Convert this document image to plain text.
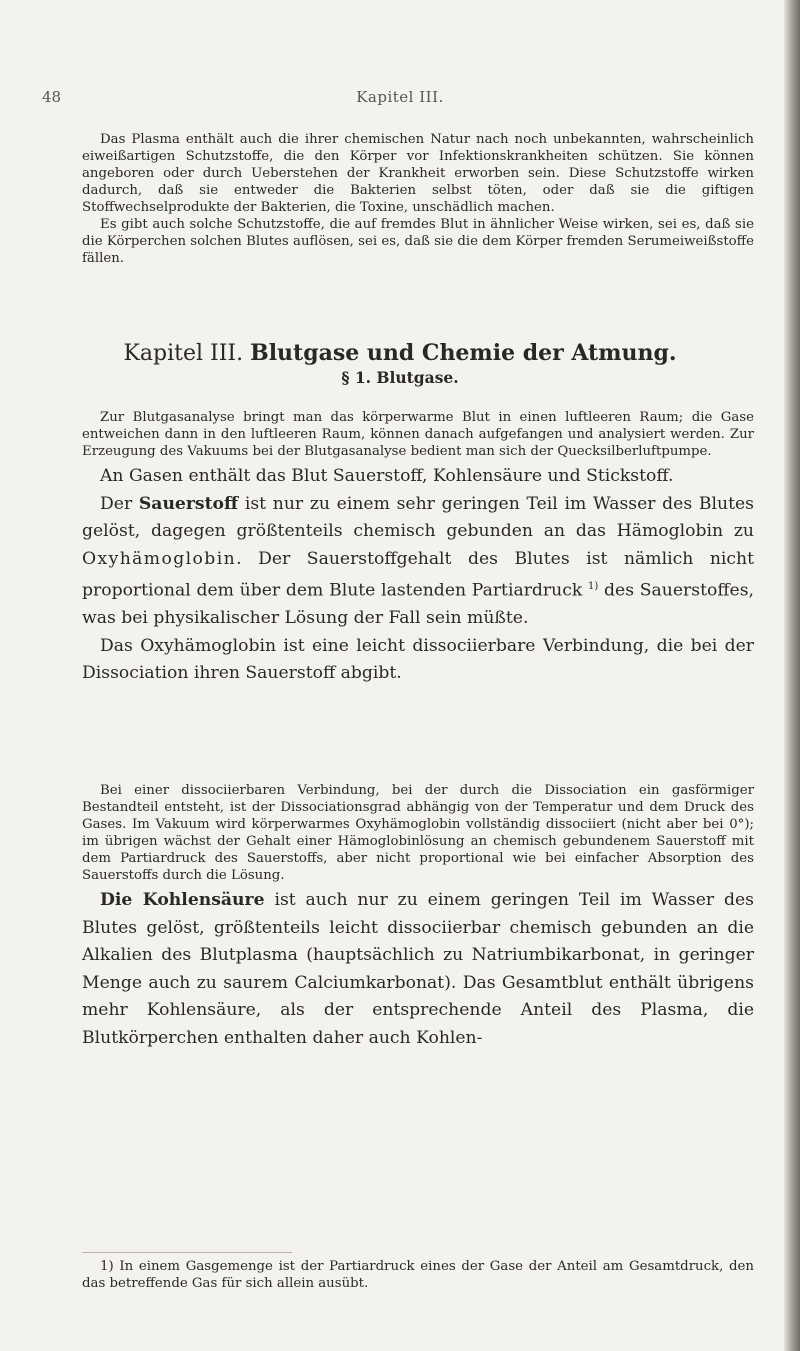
48	Kapitel III.

Das Plasma enthält auch die ihrer chemischen Natur nach noch unbekannten, wahrscheinlich eiweißartigen Schutzstoffe, die den Körper vor Infektionskrankheiten schützen. Sie können angeboren oder durch Ueberstehen der Krankheit erworben sein. Diese Schutzstoffe wirken dadurch, daß sie entweder die Bakterien selbst töten, oder daß sie die giftigen Stoffwechselprodukte der Bakterien, die Toxine, unschädlich machen.

Es gibt auch solche Schutzstoffe, die auf fremdes Blut in ähnlicher Weise wirken, sei es, daß sie die Körperchen solchen Blutes auflösen, sei es, daß sie die dem Körper fremden Serumeiweißstoffe fällen.

Kapitel III. Blutgase und Chemie der Atmung.
§ 1. Blutgase.

Zur Blutgasanalyse bringt man das körperwarme Blut in einen luftleeren Raum; die Gase entweichen dann in den luftleeren Raum, können danach aufgefangen und analysiert werden. Zur Erzeugung des Vakuums bei der Blutgasanalyse bedient man sich der Quecksilberluftpumpe.

An Gasen enthält das Blut Sauerstoff, Kohlensäure und Stickstoff.

Der Sauerstoff ist nur zu einem sehr geringen Teil im Wasser des Blutes gelöst, dagegen größtenteils chemisch gebunden an das Hämoglobin zu Oxyhämoglobin. Der Sauerstoffgehalt des Blutes ist nämlich nicht proportional dem über dem Blute lastenden Partiardruck $^{1)}$ des Sauerstoffes, was bei physikalischer Lösung der Fall sein müßte.

Das Oxyhämoglobin ist eine leicht dissociierbare Verbindung, die bei der Dissociation ihren Sauerstoff abgibt.

Bei einer dissociierbaren Verbindung, bei der durch die Dissociation ein gasförmiger Bestandteil entsteht, ist der Dissociationsgrad abhängig von der Temperatur und dem Druck des Gases. Im Vakuum wird körperwarmes Oxyhämoglobin vollständig dissociiert (nicht aber bei 0°); im übrigen wächst der Gehalt einer Hämoglobinlösung an chemisch gebundenem Sauerstoff mit dem Partiardruck des Sauerstoffs, aber nicht proportional wie bei einfacher Absorption des Sauerstoffs durch die Lösung.

Die Kohlensäure ist auch nur zu einem geringen Teil im Wasser des Blutes gelöst, größtenteils leicht dissociierbar chemisch gebunden an die Alkalien des Blutplasma (hauptsächlich zu Natriumbikarbonat, in geringer Menge auch zu saurem Calciumkarbonat). Das Gesamtblut enthält übrigens mehr Kohlensäure, als der entsprechende Anteil des Plasma, die Blutkörperchen enthalten daher auch Kohlen-

1) In einem Gasgemenge ist der Partiardruck eines der Gase der Anteil am Gesamtdruck, den das betreffende Gas für sich allein ausübt.
